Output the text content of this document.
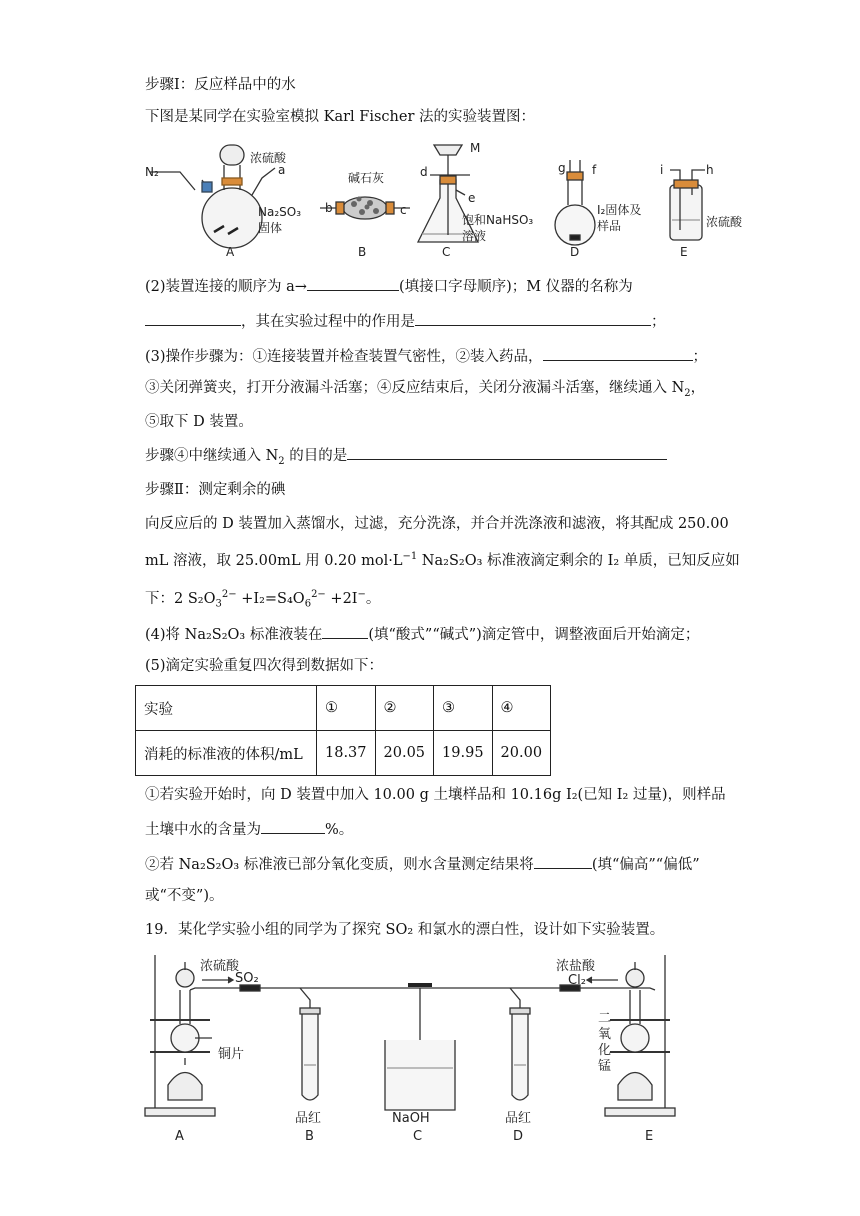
步骤Ⅰ：反应样品中的水
下图是某同学在实验室模拟 Karl Fischer 法的实验装置图：
N₂
浓硫酸
a
Na₂SO₃
固体
A
碱石灰
b	c
B
d
M
e
饱和NaHSO₃
溶液
C
g f
I₂固体及
样品
D
i	h
浓硫酸
E
(2)装置连接的顺序为 a→	(填接口字母顺序)；M 仪器的名称为
，其在实验过程中的作用是	；
(3)操作步骤为：①连接装置并检查装置气密性，②装入药品，	；
③关闭弹簧夹，打开分液漏斗活塞；④反应结束后，关闭分液漏斗活塞，继续通入 $N_2$，
⑤取下 D 装置。
步骤④中继续通入 $N_2$ 的目的是
步骤Ⅱ：测定剩余的碘
向反应后的 D 装置加入蒸馏水，过滤，充分洗涤，并合并洗涤液和滤液，将其配成 250.00
mL 溶液，取 25.00mL 用 0.20 $mol\cdot L^{-1}$ Na₂S₂O₃ 标准液滴定剩余的 I₂ 单质，已知反应如
下：2 $S_2O_3^{2-} +I_2=S_4O_6^{2-} +2I^-$。
(4)将 Na₂S₂O₃ 标准液装在	(填“酸式”“碱式”)滴定管中，调整液面后开始滴定；
(5)滴定实验重复四次得到数据如下：
实验	①	②	③	④
消耗的标准液的体积/mL	18.37	20.05	19.95	20.00
①若实验开始时，向 D 装置中加入 10.00 g 土壤样品和 10.16g I₂(已知 I₂ 过量)，则样品
土壤中水的含量为	%。
②若 Na₂S₂O₃ 标准液已部分氧化变质，则水含量测定结果将	(填“偏高”“偏低”
或“不变”)。
19．某化学实验小组的同学为了探究 SO₂ 和氯水的漂白性，设计如下实验装置。
浓硫酸
SO₂
铜片
浓盐酸
Cl₂
二
氧
化
锰
品红	NaOH	品红
A	B	C	D	E
